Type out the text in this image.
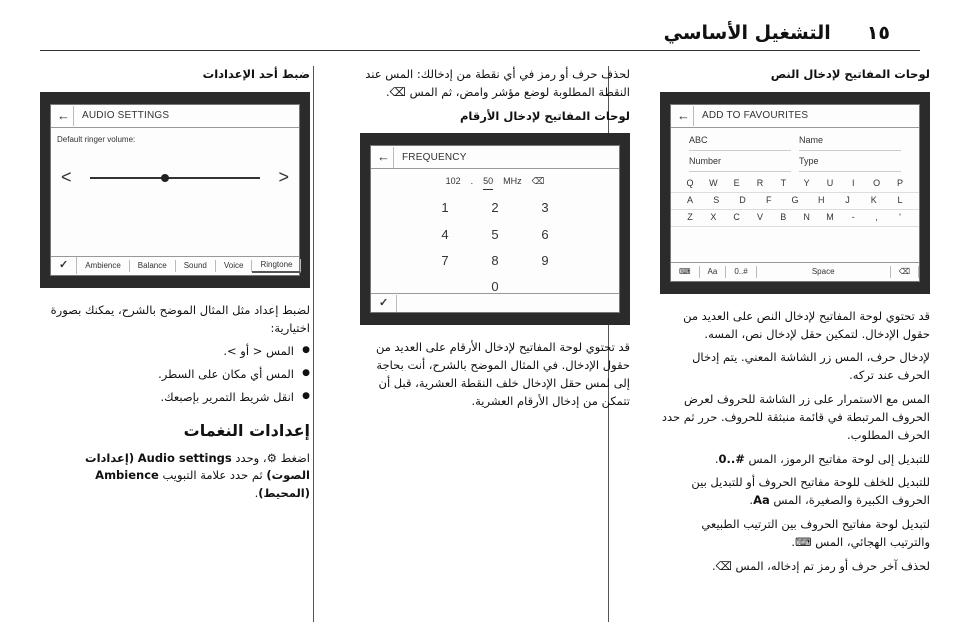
١٥
التشغيل الأساسي
لوحات المفاتيح لإدخال النص
←	ADD TO FAVOURITES
ABC	Name
Number	Type
Q	W	E	R	T	Y	U	I	O	P
A	S	D	F	G	H	J	K	L
Z	X	C	V	B	N	M	-	,	'
⌨	Aa	0..#	Space	⌫

قد تحتوي لوحة المفاتيح لإدخال النص على العديد من حقول الإدخال. لتمكين حقل لإدخال نص، المسه.

لإدخال حرف، المس زر الشاشة المعني. يتم إدخال الحرف عند تركه.

المس مع الاستمرار على زر الشاشة للحروف لعرض الحروف المرتبطة في قائمة منبثقة للحروف. حرر ثم حدد الحرف المطلوب.

للتبديل إلى لوحة مفاتيح الرموز، المس 0..#.

للتبديل للخلف للوحة مفاتيح الحروف أو للتبديل بين الحروف الكبيرة والصغيرة، المس Aa.

لتبديل لوحة مفاتيح الحروف بين الترتيب الطبيعي والترتيب الهجائي، المس ⌨.

لحذف آخر حرف أو رمز تم إدخاله، المس ⌫.

لحذف حرف أو رمز في أي نقطة من إدخالك: المس عند النقطة المطلوبة لوضع مؤشر وامض، ثم المس ⌫.

لوحات المفاتيح لإدخال الأرقام
←	FREQUENCY
102 . 50 MHz ⌫
1	2	3
4	5	6
7	8	9
0
✓

قد تحتوي لوحة المفاتيح لإدخال الأرقام على العديد من حقول الإدخال. في المثال الموضح بالشرح، أنت بحاجة إلى لمس حقل الإدخال خلف النقطة العشرية، قبل أن تتمكن من إدخال الأرقام العشرية.

ضبط أحد الإعدادات
←	AUDIO SETTINGS
Default ringer volume:
<	>
✓	Ambience	Balance	Sound	Voice	Ringtone

لضبط إعداد مثل المثال الموضح بالشرح، يمكنك بصورة اختيارية:

● المس < أو >.
● المس أي مكان على السطر.
● انقل شريط التمرير بإصبعك.
إعدادات النغمات

اضغط ⚙، وحدد Audio settings (إعدادات الصوت) ثم حدد علامة التبويب Ambience (المحيط).
